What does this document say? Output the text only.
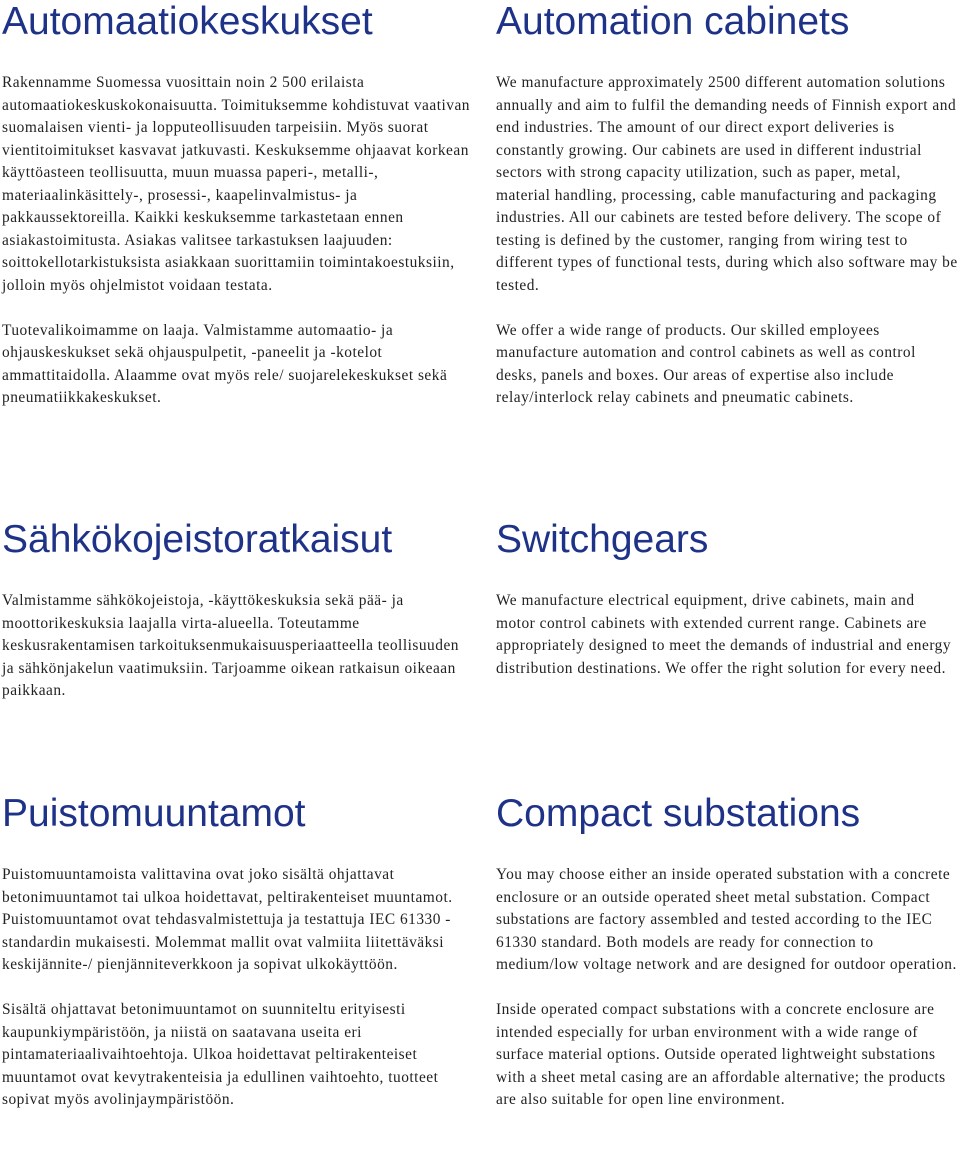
Automaatiokeskukset

Rakennamme Suomessa vuosittain noin 2 500 erilaista automaatiokeskuskokonaisuutta. Toimituksemme kohdistuvat vaativan suomalaisen vienti- ja lopputeollisuuden tarpeisiin. Myös suorat vientitoimitukset kasvavat jatkuvasti. Keskuksemme ohjaavat korkean käyttöasteen teollisuutta, muun muassa paperi-, metalli-, materiaalinkäsittely-, prosessi-, kaapelinvalmistus- ja pakkaussektoreilla. Kaikki keskuksemme tarkastetaan ennen asiakastoimitusta. Asiakas valitsee tarkastuksen laajuuden: soittokellotarkistuksista asiakkaan suorittamiin toimintakoestuksiin, jolloin myös ohjelmistot voidaan testata.

Tuotevalikoimamme on laaja. Valmistamme automaatio- ja ohjauskeskukset sekä ohjauspulpetit, -paneelit ja -kotelot ammattitaidolla. Alaamme ovat myös rele/ suojarelekeskukset sekä pneumatiikkakeskukset.

Automation cabinets

We manufacture approximately 2500 different automation solutions annually and aim to fulfil the demanding needs of Finnish export and end industries. The amount of our direct export deliveries is constantly growing. Our cabinets are used in different industrial sectors with strong capacity utilization, such as paper, metal, material handling, processing, cable manufacturing and packaging industries. All our cabinets are tested before delivery. The scope of testing is defined by the customer, ranging from wiring test to different types of functional tests, during which also software may be tested.

We offer a wide range of products. Our skilled employees manufacture automation and control cabinets as well as control desks, panels and boxes. Our areas of expertise also include relay/interlock relay cabinets and pneumatic cabinets.

Sähkökojeistoratkaisut

Valmistamme sähkökojeistoja, -käyttökeskuksia sekä pää- ja moottorikeskuksia laajalla virta-alueella. Toteutamme keskusrakentamisen tarkoituksenmukaisuusperiaatteella teollisuuden ja sähkönjakelun vaatimuksiin. Tarjoamme oikean ratkaisun oikeaan paikkaan.

Switchgears

We manufacture electrical equipment, drive cabinets, main and motor control cabinets with extended current range. Cabinets are appropriately designed to meet the demands of industrial and energy distribution destinations. We offer the right solution for every need.

Puistomuuntamot

Puistomuuntamoista valittavina ovat joko sisältä ohjattavat betonimuuntamot tai ulkoa hoidettavat, peltirakenteiset muuntamot. Puistomuuntamot ovat tehdasvalmistettuja ja testattuja IEC 61330 -standardin mukaisesti. Molemmat mallit ovat valmiita liitettäväksi keskijännite-/ pienjänniteverkkoon ja sopivat ulkokäyttöön.

Sisältä ohjattavat betonimuuntamot on suunniteltu erityisesti kaupunkiympäristöön, ja niistä on saatavana useita eri pintamateriaalivaihtoehtoja. Ulkoa hoidettavat peltirakenteiset muuntamot ovat kevytrakenteisia ja edullinen vaihtoehto, tuotteet sopivat myös avolinjaympäristöön.

Compact substations

You may choose either an inside operated substation with a concrete enclosure or an outside operated sheet metal substation. Compact substations are factory assembled and tested according to the IEC 61330 standard. Both models are ready for connection to medium/low voltage network and are designed for outdoor operation.

Inside operated compact substations with a concrete enclosure are intended especially for urban environment with a wide range of surface material options. Outside operated lightweight substations with a sheet metal casing are an affordable alternative; the products are also suitable for open line environment.
